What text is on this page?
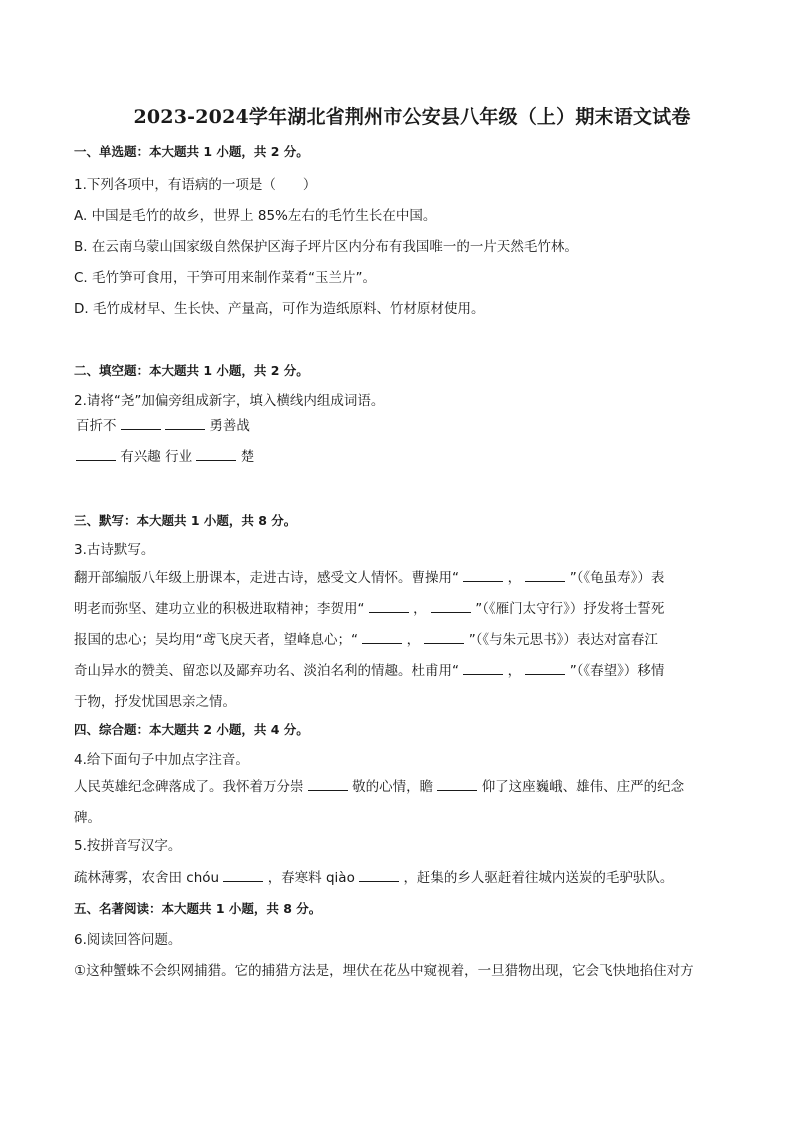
2023-2024学年湖北省荆州市公安县八年级（上）期末语文试卷
一、单选题：本大题共 1 小题，共 2 分。
1.下列各项中，有语病的一项是（　　）
A. 中国是毛竹的故乡，世界上 85%左右的毛竹生长在中国。
B. 在云南乌蒙山国家级自然保护区海子坪片区内分布有我国唯一的一片天然毛竹林。
C. 毛竹笋可食用，干笋可用来制作菜肴“玉兰片”。
D. 毛竹成材早、生长快、产量高，可作为造纸原料、竹材原材使用。
二、填空题：本大题共 1 小题，共 2 分。
2.请将“尧”加偏旁组成新字，填入横线内组成词语。
百折不	勇善战
有兴趣 行业	楚
三、默写：本大题共 1 小题，共 8 分。
3.古诗默写。
翻开部编版八年级上册课本，走进古诗，感受文人情怀。曹操用“	，	”（《龟虽寿》）表
明老而弥坚、建功立业的积极进取精神；李贺用“	，	”（《雁门太守行》）抒发将士誓死
报国的忠心；吴均用“鸢飞戾天者，望峰息心；“	，	”（《与朱元思书》）表达对富春江
奇山异水的赞美、留恋以及鄙弃功名、淡泊名利的情趣。杜甫用“	，	”（《春望》）移情
于物，抒发忧国思亲之情。
四、综合题：本大题共 2 小题，共 4 分。
4.给下面句子中加点字注音。
人民英雄纪念碑落成了。我怀着万分崇	敬的心情，瞻	仰了这座巍峨、雄伟、庄严的纪念
碑。
5.按拼音写汉字。
疏林薄雾，农舍田 chóu	，春寒料 qiào	，赶集的乡人驱赶着往城内送炭的毛驴驮队。
五、名著阅读：本大题共 1 小题，共 8 分。
6.阅读回答问题。
①这种蟹蛛不会织网捕猎。它的捕猎方法是，埋伏在花丛中窥视着，一旦猎物出现，它会飞快地掐住对方
